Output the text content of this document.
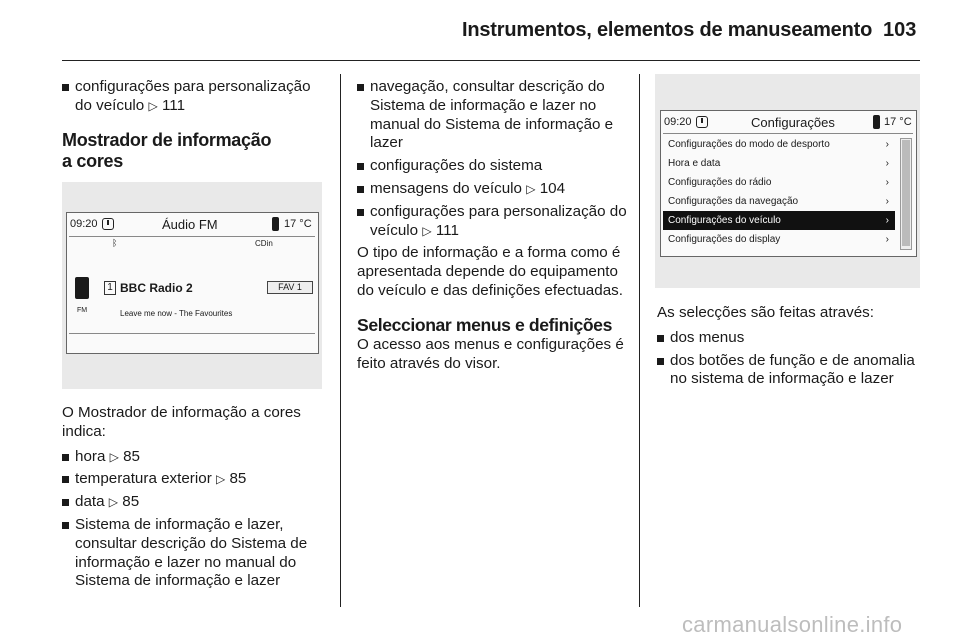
Instrumentos, elementos de manuseamento 103
configurações para personalização do veículo ▷ 111
Mostrador de informação
a cores
09:20	Áudio FM	17 °C
ᛒ	CDin
FM
1 BBC Radio 2	FAV 1
Leave me now - The Favourites

O Mostrador de informação a cores indica:

hora ▷ 85
temperatura exterior ▷ 85
data ▷ 85
Sistema de informação e lazer, consultar descrição do Sistema de informação e lazer no manual do Sistema de informação e lazer
navegação, consultar descrição do Sistema de informação e lazer no manual do Sistema de informação e lazer
configurações do sistema
mensagens do veículo ▷ 104
configurações para personalização do veículo ▷ 111

O tipo de informação e a forma como é apresentada depende do equipamento do veículo e das definições efectuadas.

Seleccionar menus e definições

O acesso aos menus e configurações é feito através do visor.

09:20	Configurações	17 °C
Configurações do modo de desporto	›
Hora e data	›
Configurações do rádio	›
Configurações da navegação	›
Configurações do veículo	›
Configurações do display	›

As selecções são feitas através:

dos menus
dos botões de função e de anomalia no sistema de informação e lazer
carmanualsonline.info
